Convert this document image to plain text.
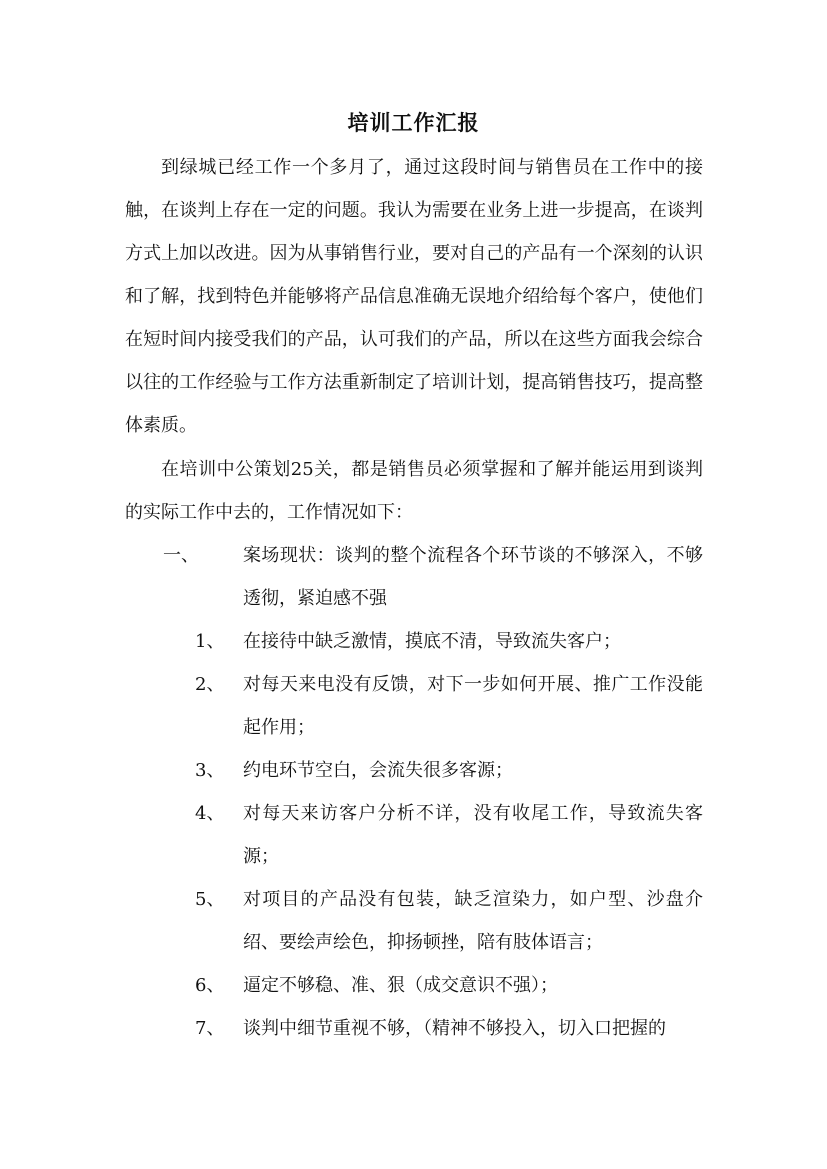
培训工作汇报

到绿城已经工作一个多月了，通过这段时间与销售员在工作中的接触，在谈判上存在一定的问题。我认为需要在业务上进一步提高，在谈判方式上加以改进。因为从事销售行业，要对自己的产品有一个深刻的认识和了解，找到特色并能够将产品信息准确无误地介绍给每个客户，使他们在短时间内接受我们的产品，认可我们的产品，所以在这些方面我会综合以往的工作经验与工作方法重新制定了培训计划，提高销售技巧，提高整体素质。

在培训中公策划25关，都是销售员必须掌握和了解并能运用到谈判的实际工作中去的，工作情况如下：

一、 案场现状：谈判的整个流程各个环节谈的不够深入，不够透彻，紧迫感不强

1、 在接待中缺乏激情，摸底不清，导致流失客户；

2、 对每天来电没有反馈，对下一步如何开展、推广工作没能起作用；

3、 约电环节空白，会流失很多客源；

4、 对每天来访客户分析不详，没有收尾工作，导致流失客源；

5、 对项目的产品没有包装，缺乏渲染力，如户型、沙盘介绍、要绘声绘色，抑扬顿挫，陪有肢体语言；

6、 逼定不够稳、准、狠（成交意识不强）；

7、 谈判中细节重视不够，（精神不够投入，切入口把握的
